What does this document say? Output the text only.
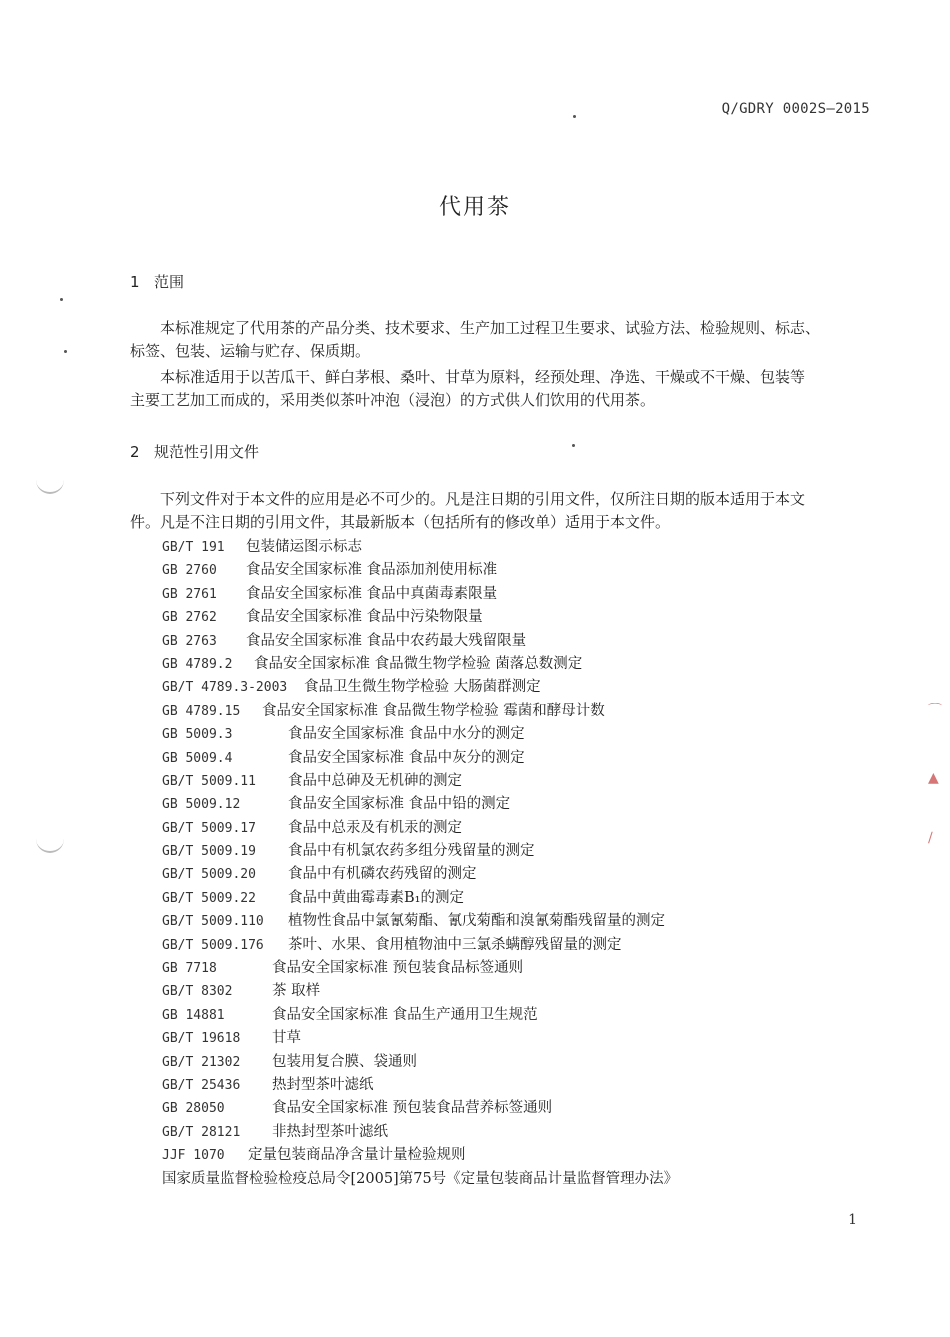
Q/GDRY 0002S—2015
代用茶
1 范围
本标准规定了代用茶的产品分类、技术要求、生产加工过程卫生要求、试验方法、检验规则、标志、
标签、包装、运输与贮存、保质期。
本标准适用于以苦瓜干、鲜白茅根、桑叶、甘草为原料，经预处理、净选、干燥或不干燥、包装等
主要工艺加工而成的，采用类似茶叶冲泡（浸泡）的方式供人们饮用的代用茶。
2 规范性引用文件
下列文件对于本文件的应用是必不可少的。凡是注日期的引用文件，仅所注日期的版本适用于本文
件。凡是不注日期的引用文件，其最新版本（包括所有的修改单）适用于本文件。
GB/T 191 包装储运图示标志
GB 2760 食品安全国家标准 食品添加剂使用标准
GB 2761 食品安全国家标准 食品中真菌毒素限量
GB 2762 食品安全国家标准 食品中污染物限量
GB 2763 食品安全国家标准 食品中农药最大残留限量
GB 4789.2 食品安全国家标准 食品微生物学检验 菌落总数测定
GB/T 4789.3-2003 食品卫生微生物学检验 大肠菌群测定
GB 4789.15 食品安全国家标准 食品微生物学检验 霉菌和酵母计数
GB 5009.3	食品安全国家标准 食品中水分的测定
GB 5009.4	食品安全国家标准 食品中灰分的测定
GB/T 5009.11 食品中总砷及无机砷的测定
GB 5009.12	食品安全国家标准 食品中铅的测定
GB/T 5009.17 食品中总汞及有机汞的测定
GB/T 5009.19 食品中有机氯农药多组分残留量的测定
GB/T 5009.20 食品中有机磷农药残留的测定
GB/T 5009.22 食品中黄曲霉毒素B₁的测定
GB/T 5009.110 植物性食品中氯氰菊酯、氰戊菊酯和溴氰菊酯残留量的测定
GB/T 5009.176 茶叶、水果、食用植物油中三氯杀螨醇残留量的测定
GB 7718	食品安全国家标准 预包装食品标签通则
GB/T 8302	茶 取样
GB 14881	食品安全国家标准 食品生产通用卫生规范
GB/T 19618 甘草
GB/T 21302 包装用复合膜、袋通则
GB/T 25436 热封型茶叶滤纸
GB 28050	食品安全国家标准 预包装食品营养标签通则
GB/T 28121 非热封型茶叶滤纸
JJF 1070 定量包装商品净含量计量检验规则
国家质量监督检验检疫总局令[2005]第75号《定量包装商品计量监督管理办法》
1
⌒
▲
∕
